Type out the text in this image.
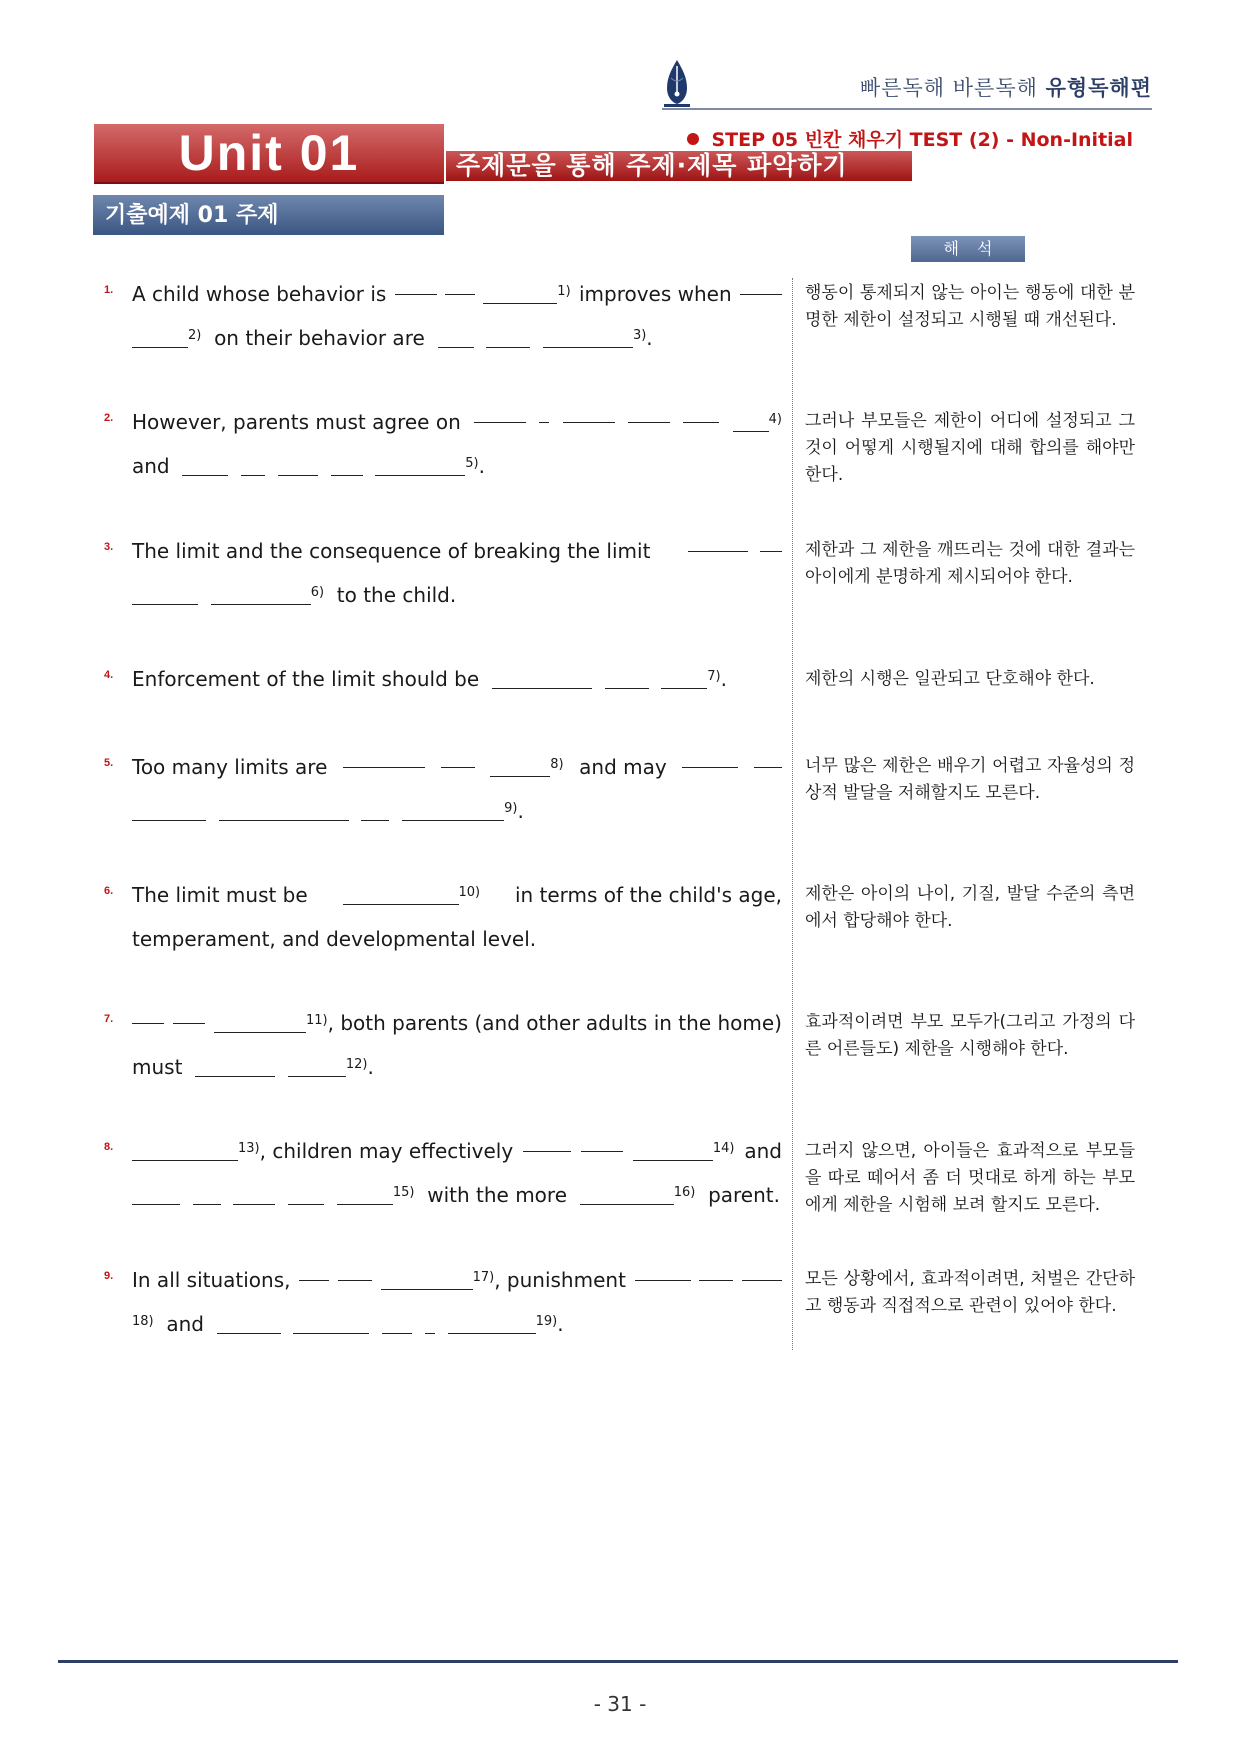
빠른독해 바른독해 유형독해편
Unit 01	주제문을 통해 주제·제목 파악하기
STEP 05 빈칸 채우기 TEST (2) - Non-Initial
기출예제 01 주제
해석
1. A child whose behavior is	$^{1)}$ improves when
$^{2)}$ on their behavior are	$^{3)}$.
행동이 통제되지 않는 아이는 행동에 대한 분명한 제한이 설정되고 시행될 때 개선된다.
2. However, parents must agree on	$^{4)}$
and	$^{5)}$.
그러나 부모들은 제한이 어디에 설정되고 그것이 어떻게 시행될지에 대해 합의를 해야만 한다.
3. The limit and the consequence of breaking the limit
$^{6)}$ to the child.
제한과 그 제한을 깨뜨리는 것에 대한 결과는 아이에게 분명하게 제시되어야 한다.
4. Enforcement of the limit should be	$^{7)}$.	제한의 시행은 일관되고 단호해야 한다.
5. Too many limits are	$^{8)}$ and may
$^{9)}$.
너무 많은 제한은 배우기 어렵고 자율성의 정상적 발달을 저해할지도 모른다.
6. The limit must be	$^{10)}$ in terms of the child's age,
temperament, and developmental level.
제한은 아이의 나이, 기질, 발달 수준의 측면에서 합당해야 한다.
7.	$^{11)}$, both parents (and other adults in the home)
must	$^{12)}$.
효과적이려면 부모 모두가(그리고 가정의 다른 어른들도) 제한을 시행해야 한다.
8.	$^{13)}$, children may effectively	$^{14)}$ and
$^{15)}$ with the more	$^{16)}$ parent.
그러지 않으면, 아이들은 효과적으로 부모들을 따로 떼어서 좀 더 멋대로 하게 하는 부모에게 제한을 시험해 보려 할지도 모른다.
9. In all situations,	$^{17)}$, punishment
$^{18)}$ and	$^{19)}$.
모든 상황에서, 효과적이려면, 처벌은 간단하고 행동과 직접적으로 관련이 있어야 한다.
- 31 -
